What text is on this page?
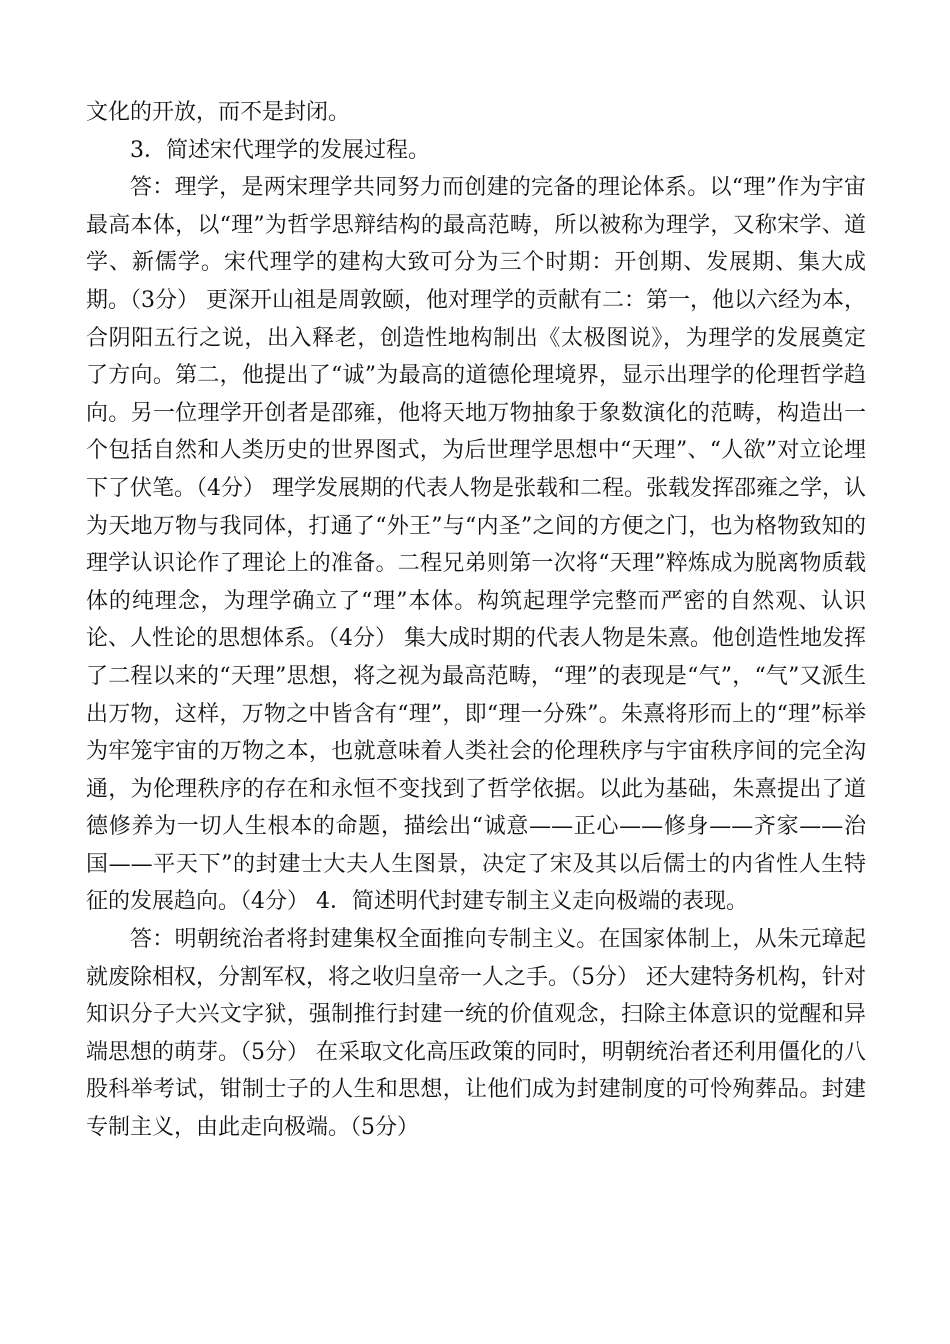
文化的开放，而不是封闭。

3．简述宋代理学的发展过程。

答：理学，是两宋理学共同努力而创建的完备的理论体系。以“理”作为宇宙最高本体，以“理”为哲学思辩结构的最高范畴，所以被称为理学，又称宋学、道学、新儒学。宋代理学的建构大致可分为三个时期：开创期、发展期、集大成期。（3分） 更深开山祖是周敦颐，他对理学的贡献有二：第一，他以六经为本，合阴阳五行之说，出入释老，创造性地构制出《太极图说》，为理学的发展奠定了方向。第二，他提出了“诚”为最高的道德伦理境界，显示出理学的伦理哲学趋向。另一位理学开创者是邵雍，他将天地万物抽象于象数演化的范畴，构造出一个包括自然和人类历史的世界图式，为后世理学思想中“天理”、“人欲”对立论埋下了伏笔。（4分） 理学发展期的代表人物是张载和二程。张载发挥邵雍之学，认为天地万物与我同体，打通了“外王”与“内圣”之间的方便之门，也为格物致知的理学认识论作了理论上的准备。二程兄弟则第一次将“天理”粹炼成为脱离物质载体的纯理念，为理学确立了“理”本体。构筑起理学完整而严密的自然观、认识论、人性论的思想体系。（4分） 集大成时期的代表人物是朱熹。他创造性地发挥了二程以来的“天理”思想，将之视为最高范畴，“理”的表现是“气”，“气”又派生出万物，这样，万物之中皆含有“理”，即“理一分殊”。朱熹将形而上的“理”标举为牢笼宇宙的万物之本，也就意味着人类社会的伦理秩序与宇宙秩序间的完全沟通，为伦理秩序的存在和永恒不变找到了哲学依据。以此为基础，朱熹提出了道德修养为一切人生根本的命题，描绘出“诚意——正心——修身——齐家——治国——平天下”的封建士大夫人生图景，决定了宋及其以后儒士的内省性人生特征的发展趋向。（4分） 4．简述明代封建专制主义走向极端的表现。

答：明朝统治者将封建集权全面推向专制主义。在国家体制上，从朱元璋起就废除相权，分割军权，将之收归皇帝一人之手。（5分） 还大建特务机构，针对知识分子大兴文字狱，强制推行封建一统的价值观念，扫除主体意识的觉醒和异端思想的萌芽。（5分） 在采取文化高压政策的同时，明朝统治者还利用僵化的八股科举考试，钳制士子的人生和思想，让他们成为封建制度的可怜殉葬品。封建专制主义，由此走向极端。（5分）
